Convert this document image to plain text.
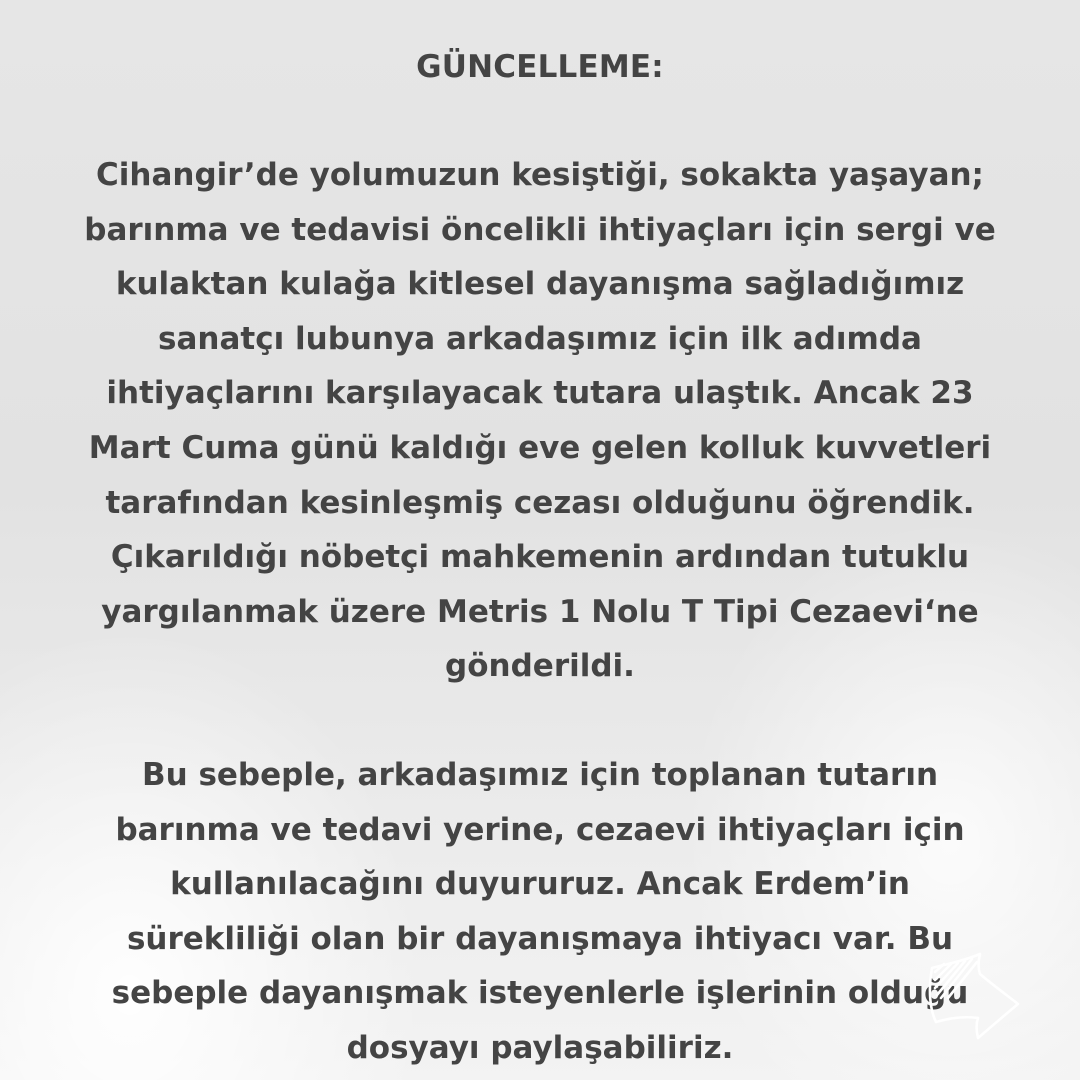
GÜNCELLEME:
Cihangir’de yolumuzun kesiştiği, sokakta yaşayan;
barınma ve tedavisi öncelikli ihtiyaçları için sergi ve
kulaktan kulağa kitlesel dayanışma sağladığımız
sanatçı lubunya arkadaşımız için ilk adımda
ihtiyaçlarını karşılayacak tutara ulaştık. Ancak 23
Mart Cuma günü kaldığı eve gelen kolluk kuvvetleri
tarafından kesinleşmiş cezası olduğunu öğrendik.
Çıkarıldığı nöbetçi mahkemenin ardından tutuklu
yargılanmak üzere Metris 1 Nolu T Tipi Cezaevi‘ne
gönderildi.
Bu sebeple, arkadaşımız için toplanan tutarın
barınma ve tedavi yerine, cezaevi ihtiyaçları için
kullanılacağını duyururuz. Ancak Erdem’in
sürekliliği olan bir dayanışmaya ihtiyacı var. Bu
sebeple dayanışmak isteyenlerle işlerinin olduğu
dosyayı paylaşabiliriz.
